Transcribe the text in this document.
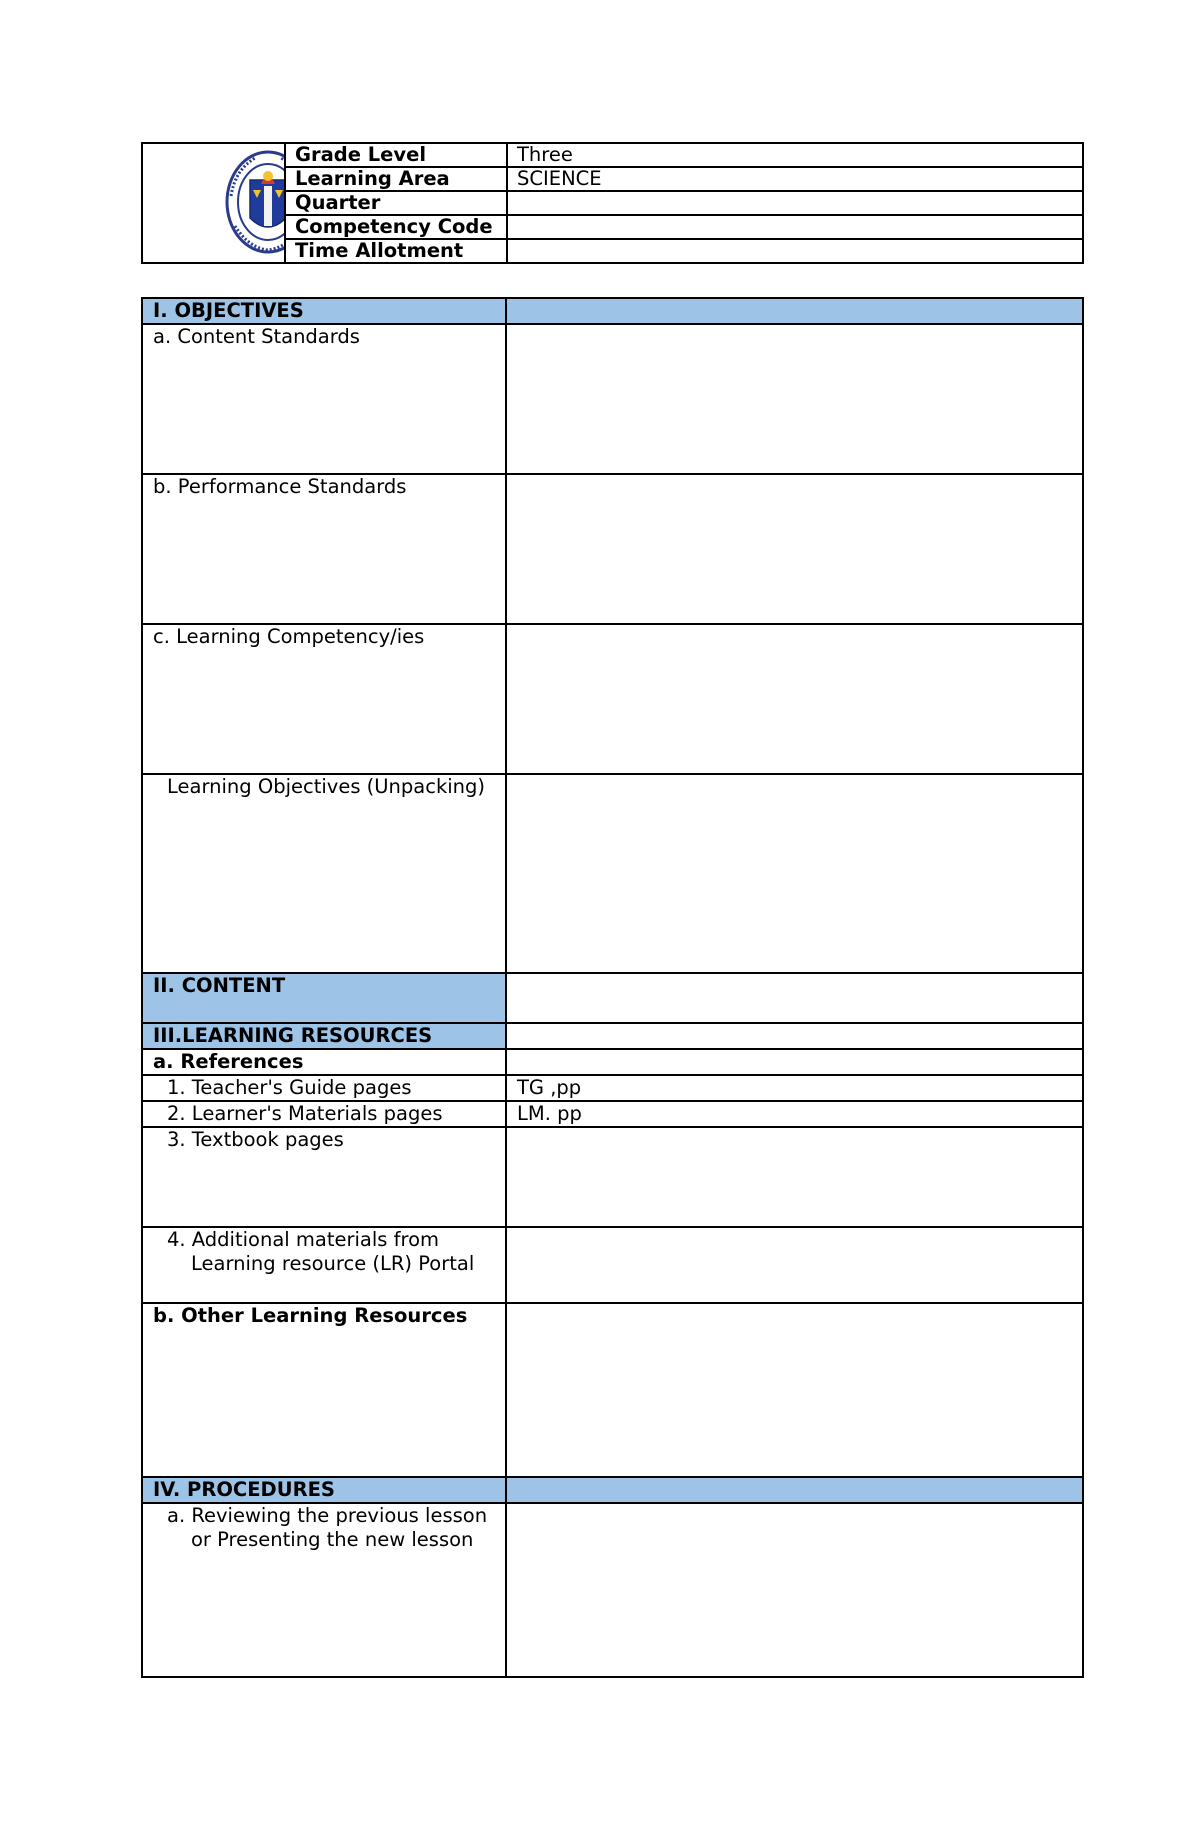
	Grade Level	Three
	Learning Area	SCIENCE
	Quarter	
	Competency Code	
	Time Allotment	
I. OBJECTIVES	
a. Content Standards	
b. Performance Standards	
c. Learning Competency/ies	
Learning Objectives (Unpacking)	
II. CONTENT	
III.LEARNING RESOURCES	
a. References	
1. Teacher's Guide pages	TG ,pp
2. Learner's Materials pages	LM. pp
3. Textbook pages	

4. Additional materials from Learning resource (LR) Portal	

b. Other Learning Resources	
IV. PROCEDURES	

a. Reviewing the previous lesson or Presenting the new lesson	
